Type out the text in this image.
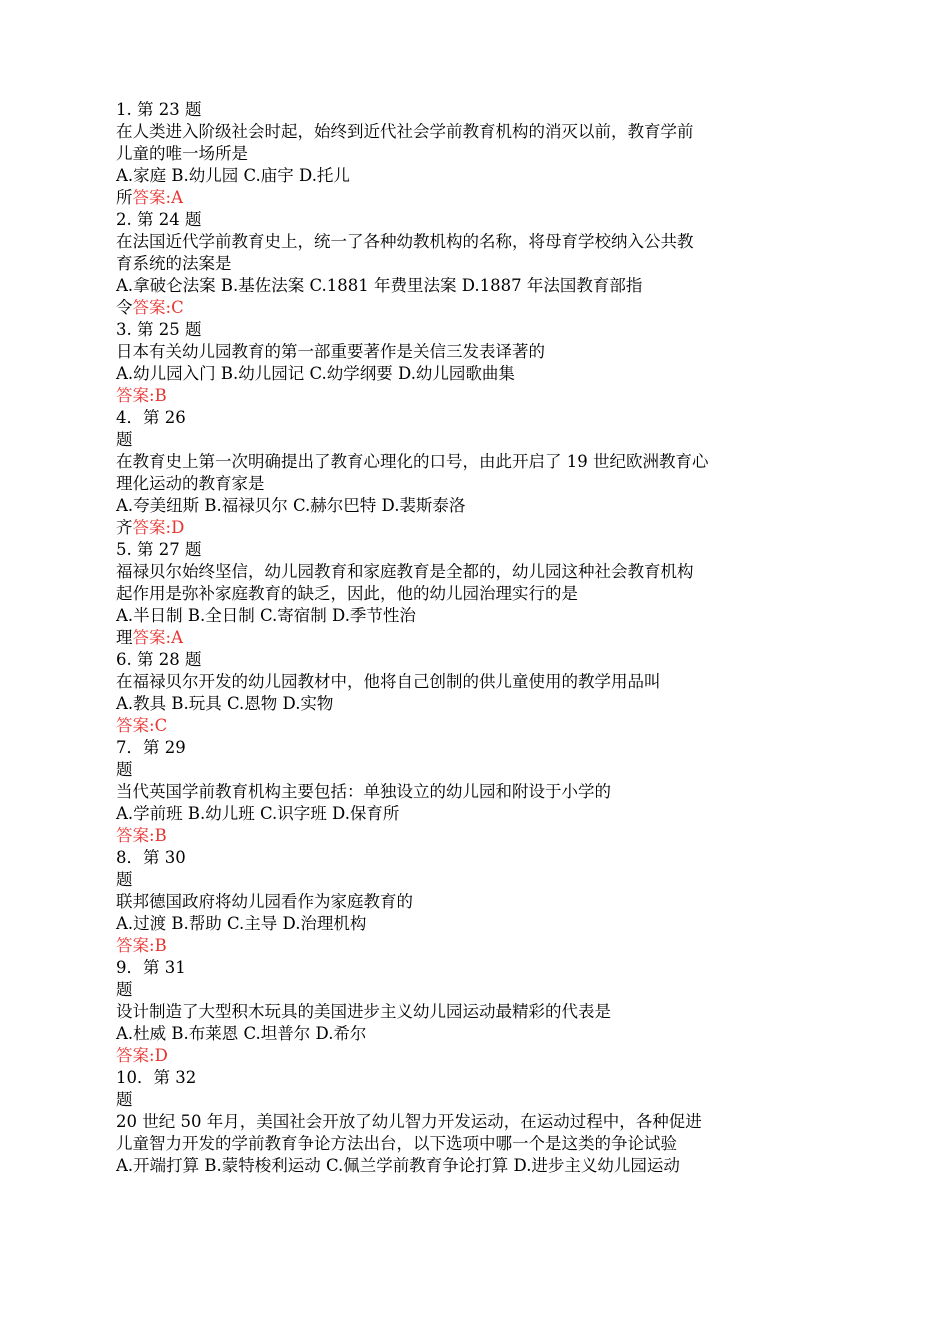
1. 第 23 题
在人类进入阶级社会时起，始终到近代社会学前教育机构的消灭以前，教育学前
儿童的唯一场所是
A.家庭 B.幼儿园 C.庙宇 D.托儿
所答案:A
2. 第 24 题
在法国近代学前教育史上，统一了各种幼教机构的名称，将母育学校纳入公共教
育系统的法案是
A.拿破仑法案 B.基佐法案 C.1881 年费里法案 D.1887 年法国教育部指
令答案:C
3. 第 25 题
日本有关幼儿园教育的第一部重要著作是关信三发表译著的
A.幼儿园入门 B.幼儿园记 C.幼学纲要 D.幼儿园歌曲集
答案:B
4．第 26
题
在教育史上第一次明确提出了教育心理化的口号，由此开启了 19 世纪欧洲教育心
理化运动的教育家是
A.夸美纽斯 B.福禄贝尔 C.赫尔巴特 D.裴斯泰洛
齐答案:D
5. 第 27 题
福禄贝尔始终坚信，幼儿园教育和家庭教育是全都的，幼儿园这种社会教育机构
起作用是弥补家庭教育的缺乏，因此，他的幼儿园治理实行的是
A.半日制 B.全日制 C.寄宿制 D.季节性治
理答案:A
6. 第 28 题
在福禄贝尔开发的幼儿园教材中，他将自己创制的供儿童使用的教学用品叫
A.教具 B.玩具 C.恩物 D.实物
答案:C
7．第 29
题
当代英国学前教育机构主要包括：单独设立的幼儿园和附设于小学的
A.学前班 B.幼儿班 C.识字班 D.保育所
答案:B
8．第 30
题
联邦德国政府将幼儿园看作为家庭教育的
A.过渡 B.帮助 C.主导 D.治理机构
答案:B
9．第 31
题
设计制造了大型积木玩具的美国进步主义幼儿园运动最精彩的代表是
A.杜威 B.布莱恩 C.坦普尔 D.希尔
答案:D
10．第 32
题
20 世纪 50 年月，美国社会开放了幼儿智力开发运动，在运动过程中，各种促进
儿童智力开发的学前教育争论方法出台，以下选项中哪一个是这类的争论试验
A.开端打算 B.蒙特梭利运动 C.佩兰学前教育争论打算 D.进步主义幼儿园运动
